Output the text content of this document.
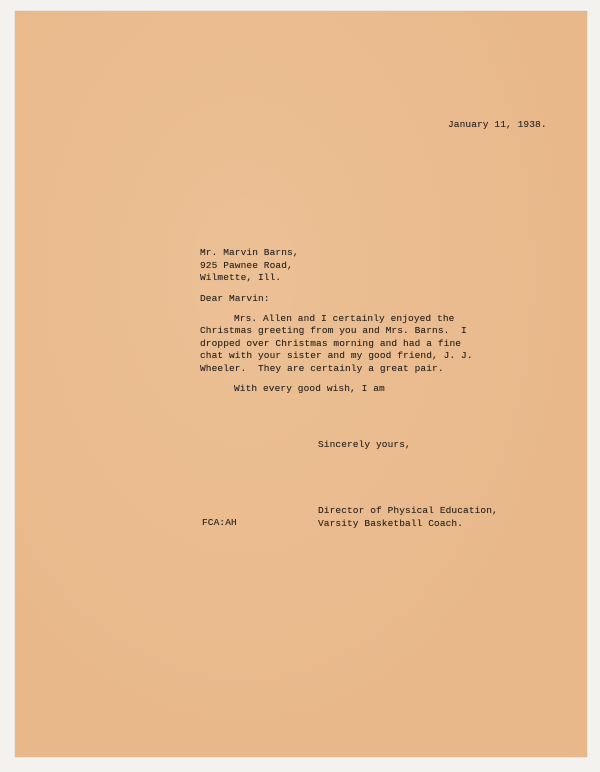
January 11, 1938.
Mr. Marvin Barns,
925 Pawnee Road,
Wilmette, Ill.
Dear Marvin:
Mrs. Allen and I certainly enjoyed the
Christmas greeting from you and Mrs. Barns.  I
dropped over Christmas morning and had a fine
chat with your sister and my good friend, J. J.
Wheeler.  They are certainly a great pair.
With every good wish, I am
Sincerely yours,
Director of Physical Education,
Varsity Basketball Coach.
FCA:AH
